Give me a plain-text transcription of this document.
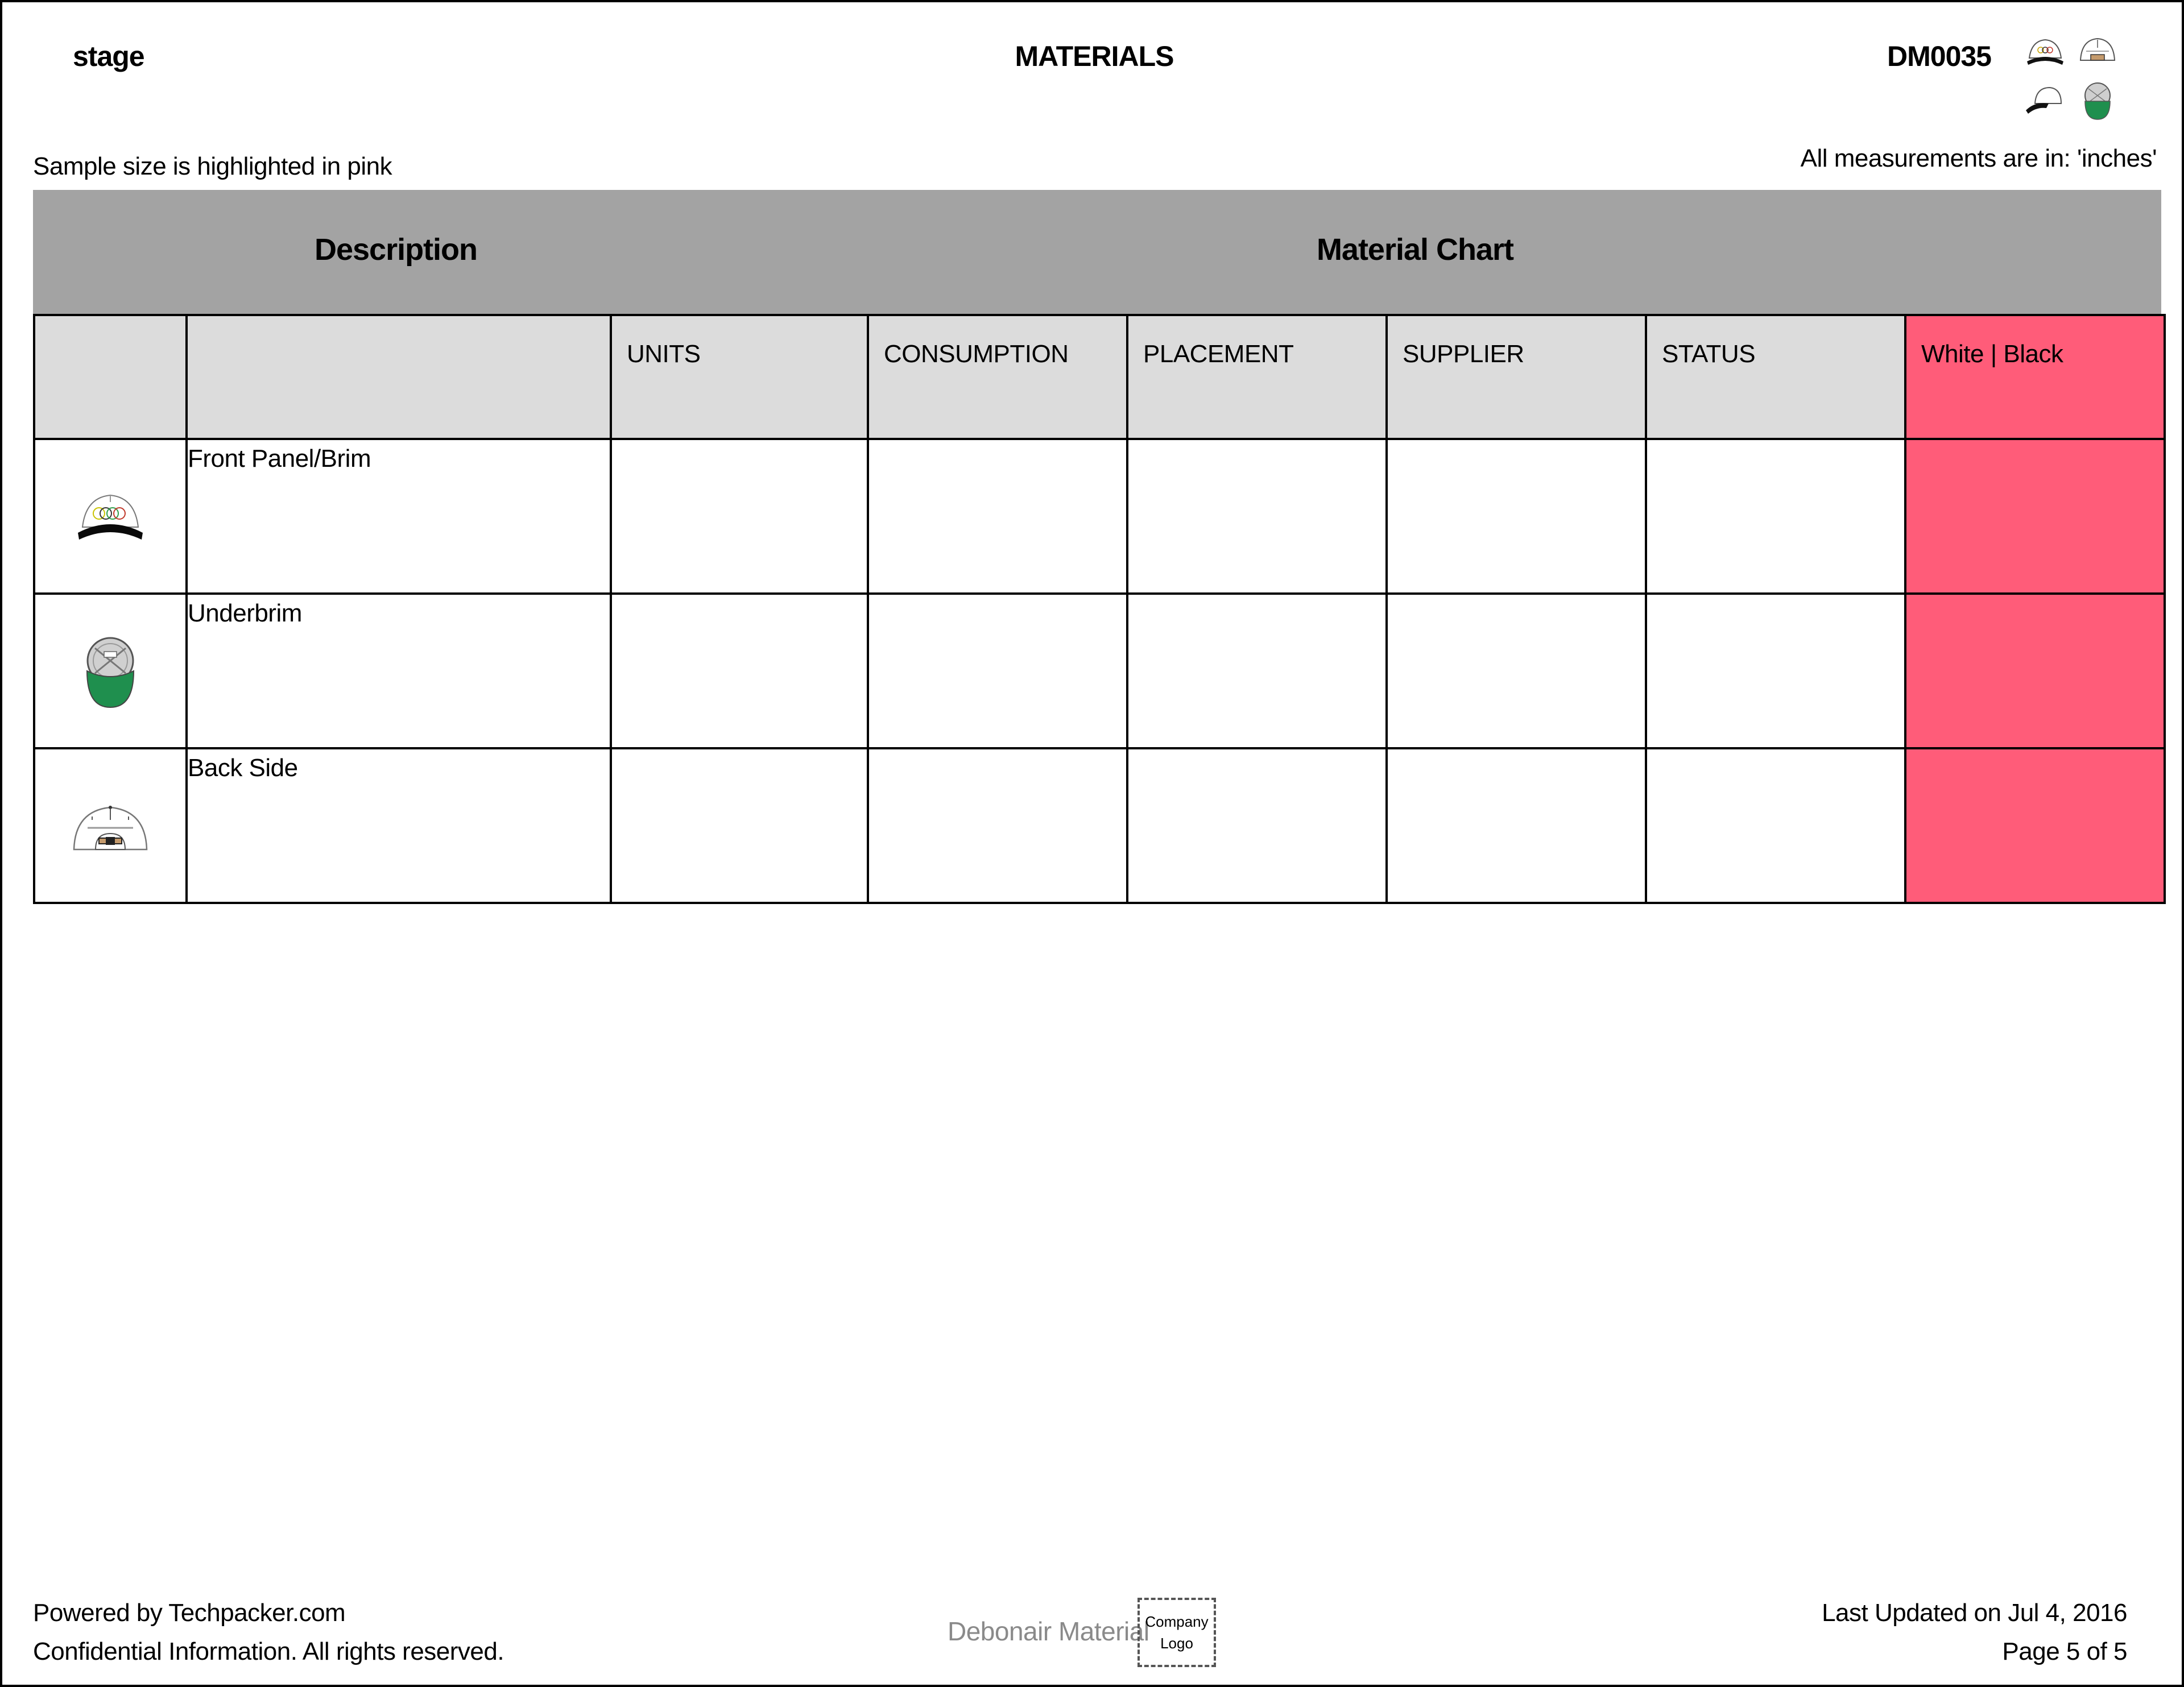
stage	MATERIALS	DM0035
Sample size is highlighted in pink	All measurements are in: 'inches'
Description	Material Chart
		UNITS	CONSUMPTION	PLACEMENT	SUPPLIER	STATUS	White | Black

	Front Panel/Brim						

	Underbrim						

	Back Side						
Powered by Techpacker.com
Confidential Information. All rights reserved.
Debonair Material
Company
Logo
Last Updated on Jul 4, 2016
Page 5 of 5
